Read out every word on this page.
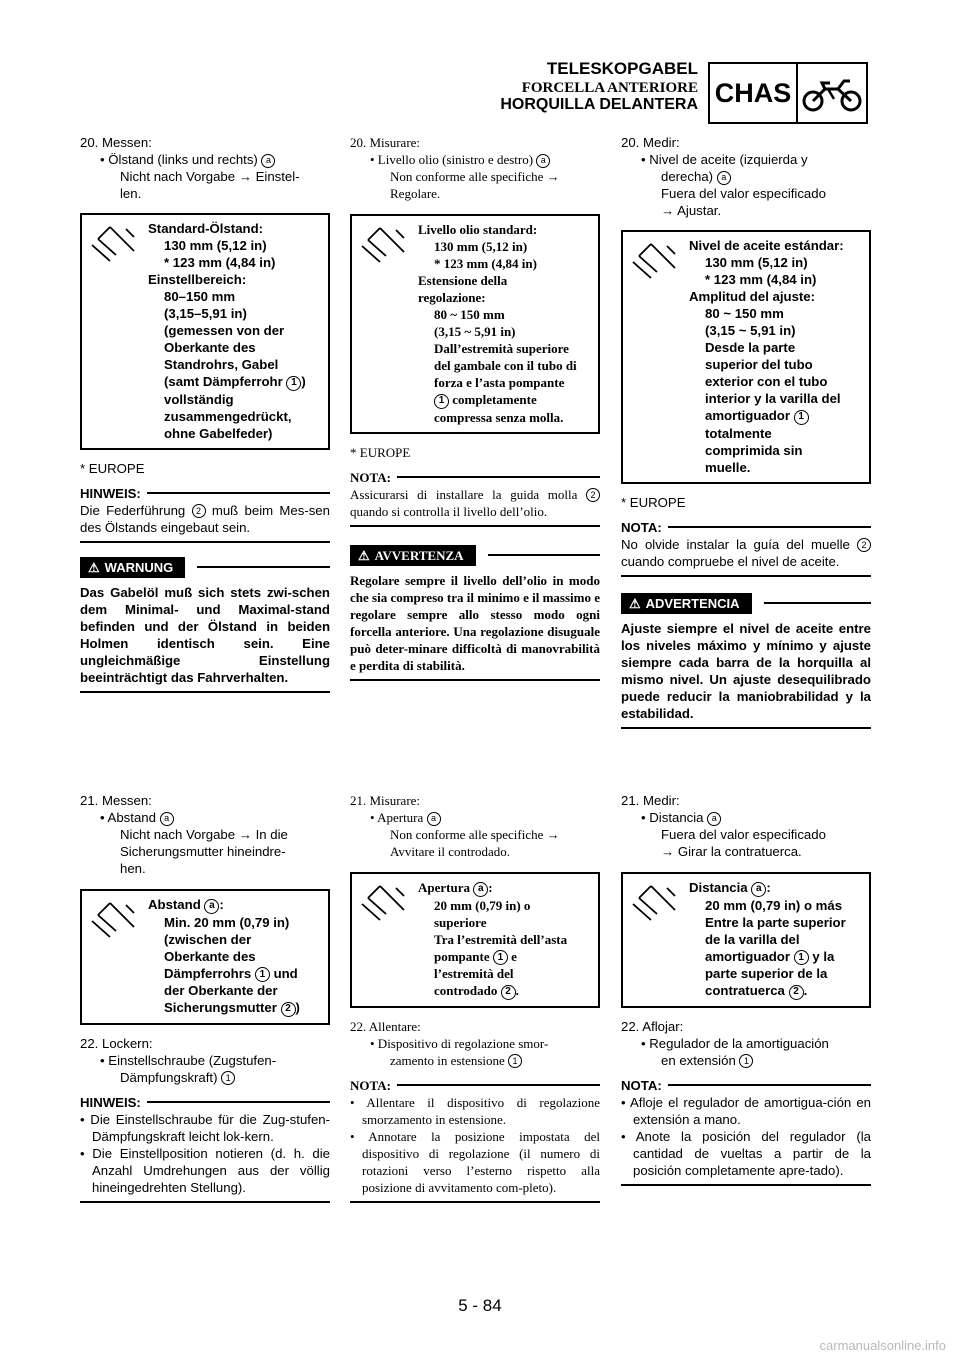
TELESKOPGABEL
FORCELLA ANTERIORE
HORQUILLA DELANTERA CHAS

20. Messen:

• Ölstand (links und rechts) a

Nicht nach Vorgabe → Einstel-

len.

Standard-Ölstand:
130 mm (5,12 in)
* 123 mm (4,84 in)
Einstellbereich:
80–150 mm
(3,15–5,91 in)
(gemessen von der
Oberkante des
Standrohrs, Gabel
(samt Dämpferrohr 1 )
vollständig
zusammengedrückt,
ohne Gabelfeder)
* EUROPE
HINWEIS:
Die Federführung 2 muß beim Mes-sen des Ölstands eingebaut sein.
⚠ WARNUNG
Das Gabelöl muß sich stets zwi-schen dem Minimal- und Maximal-stand befinden und der Ölstand in beiden Holmen identisch sein. Eine ungleichmäßige Einstellung beeinträchtigt das Fahrverhalten.

20. Misurare:

• Livello olio (sinistro e destro) a

Non conforme alle specifiche →

Regolare.

Livello olio standard:
130 mm (5,12 in)
* 123 mm (4,84 in)
Estensione della
regolazione:
80 ~ 150 mm
(3,15 ~ 5,91 in)
Dall’estremità superiore
del gambale con il tubo di
forza e l’asta pompante
1 completamente
compressa senza molla.
* EUROPE
NOTA:
Assicurarsi di installare la guida molla 2 quando si controlla il livello dell’olio.
⚠ AVVERTENZA
Regolare sempre il livello dell’olio in modo che sia compreso tra il minimo e il massimo e regolare sempre allo stesso modo ogni forcella anteriore. Una regolazione disuguale può deter-minare difficoltà di manovrabilità e perdita di stabilità.

20. Medir:

• Nivel de aceite (izquierda y

derecha) a

Fuera del valor especificado

→ Ajustar.

Nivel de aceite estándar:
130 mm (5,12 in)
* 123 mm (4,84 in)
Amplitud del ajuste:
80 ~ 150 mm
(3,15 ~ 5,91 in)
Desde la parte
superior del tubo
exterior con el tubo
interior y la varilla del
amortiguador 1
totalmente
comprimida sin
muelle.
* EUROPE
NOTA:
No olvide instalar la guía del muelle 2 cuando compruebe el nivel de aceite.
⚠ ADVERTENCIA
Ajuste siempre el nivel de aceite entre los niveles máximo y mínimo y ajuste siempre cada barra de la horquilla al mismo nivel. Un ajuste desequilibrado puede reducir la maniobrabilidad y la estabilidad.

21. Messen:

• Abstand a

Nicht nach Vorgabe → In die

Sicherungsmutter hineindre-

hen.

Abstand a :
Min. 20 mm (0,79 in)
(zwischen der
Oberkante des
Dämpferrohrs 1 und
der Oberkante der
Sicherungsmutter 2 )

22. Lockern:

• Einstellschraube (Zugstufen-

Dämpfungskraft) 1

HINWEIS:
• Die Einstellschraube für die Zug-stufen-Dämpfungskraft leicht lok-kern.
• Die Einstellposition notieren (d. h. die Anzahl Umdrehungen aus der völlig hineingedrehten Stellung).

21. Misurare:

• Apertura a

Non conforme alle specifiche →

Avvitare il controdado.

Apertura a :
20 mm (0,79 in) o
superiore
Tra l’estremità dell’asta
pompante 1 e
l’estremità del
controdado 2 .

22. Allentare:

• Dispositivo di regolazione smor-

zamento in estensione 1

NOTA:
• Allentare il dispositivo di regolazione smorzamento in estensione.
• Annotare la posizione impostata del dispositivo di regolazione (il numero di rotazioni verso l’esterno rispetto alla posizione di avvitamento com-pleto).

21. Medir:

• Distancia a

Fuera del valor especificado

→ Girar la contratuerca.

Distancia a :
20 mm (0,79 in) o más
Entre la parte superior
de la varilla del
amortiguador 1 y la
parte superior de la
contratuerca 2 .

22. Aflojar:

• Regulador de la amortiguación

en extensión 1

NOTA:
• Afloje el regulador de amortigua-ción en extensión a mano.
• Anote la posición del regulador (la cantidad de vueltas a partir de la posición completamente apre-tado).
5 - 84
carmanualsonline.info
